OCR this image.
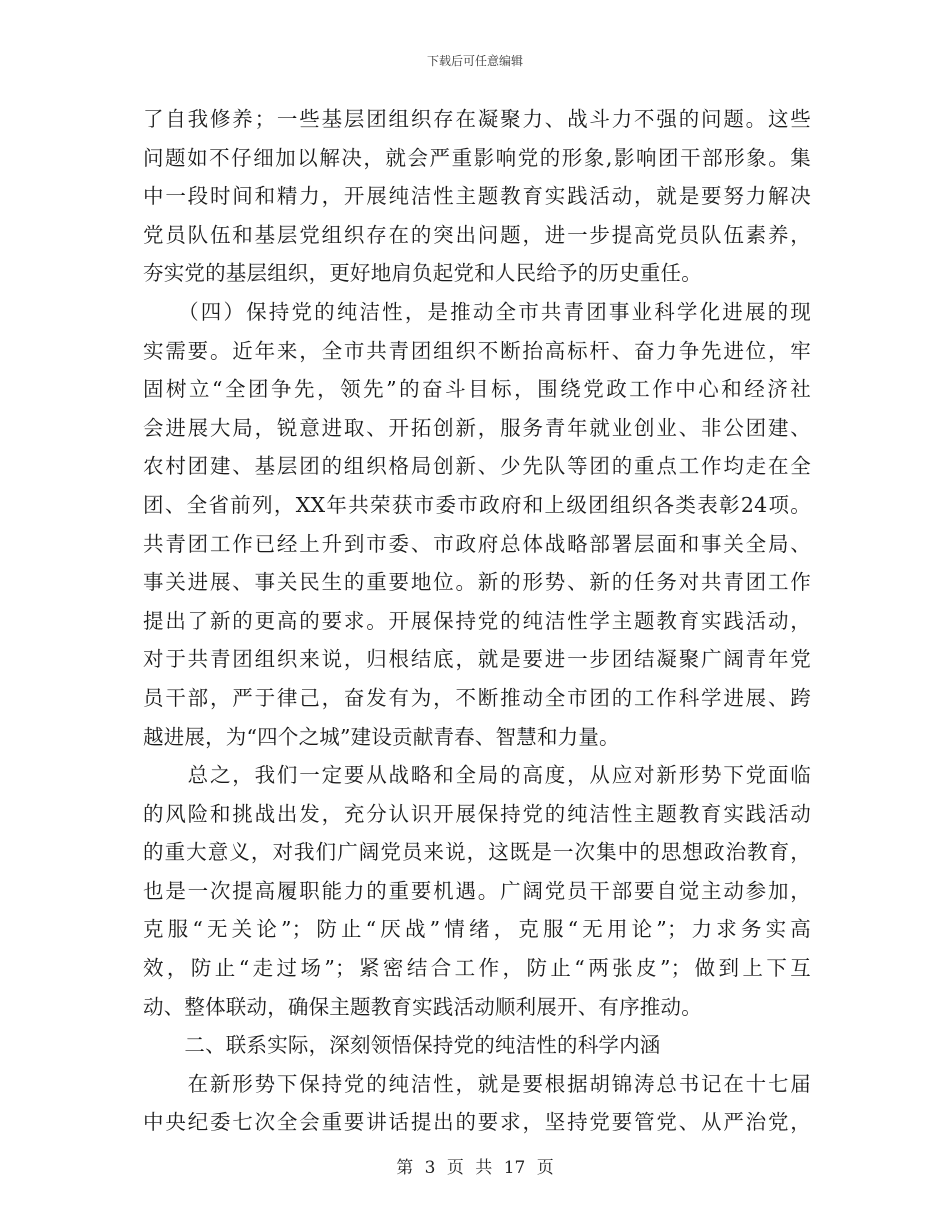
下载后可任意编辑
了自我修养；一些基层团组织存在凝聚力、战斗力不强的问题。这些
问题如不仔细加以解决，就会严重影响党的形象,影响团干部形象。集
中一段时间和精力，开展纯洁性主题教育实践活动，就是要努力解决
党员队伍和基层党组织存在的突出问题，进一步提高党员队伍素养，
夯实党的基层组织，更好地肩负起党和人民给予的历史重任。
　　（四）保持党的纯洁性，是推动全市共青团事业科学化进展的现
实需要。近年来，全市共青团组织不断抬高标杆、奋力争先进位，牢
固树立“全团争先，领先”的奋斗目标，围绕党政工作中心和经济社
会进展大局，锐意进取、开拓创新，服务青年就业创业、非公团建、
农村团建、基层团的组织格局创新、少先队等团的重点工作均走在全
团、全省前列，XX年共荣获市委市政府和上级团组织各类表彰24项。
共青团工作已经上升到市委、市政府总体战略部署层面和事关全局、
事关进展、事关民生的重要地位。新的形势、新的任务对共青团工作
提出了新的更高的要求。开展保持党的纯洁性学主题教育实践活动，
对于共青团组织来说，归根结底，就是要进一步团结凝聚广阔青年党
员干部，严于律己，奋发有为，不断推动全市团的工作科学进展、跨
越进展，为“四个之城”建设贡献青春、智慧和力量。
　　总之，我们一定要从战略和全局的高度，从应对新形势下党面临
的风险和挑战出发，充分认识开展保持党的纯洁性主题教育实践活动
的重大意义，对我们广阔党员来说，这既是一次集中的思想政治教育，
也是一次提高履职能力的重要机遇。广阔党员干部要自觉主动参加，
克服“无关论”；防止“厌战”情绪，克服“无用论”；力求务实高
效，防止“走过场”；紧密结合工作，防止“两张皮”；做到上下互
动、整体联动，确保主题教育实践活动顺利展开、有序推动。
　　二、联系实际，深刻领悟保持党的纯洁性的科学内涵
　　在新形势下保持党的纯洁性，就是要根据胡锦涛总书记在十七届
中央纪委七次全会重要讲话提出的要求，坚持党要管党、从严治党，
第 3 页 共 17 页
